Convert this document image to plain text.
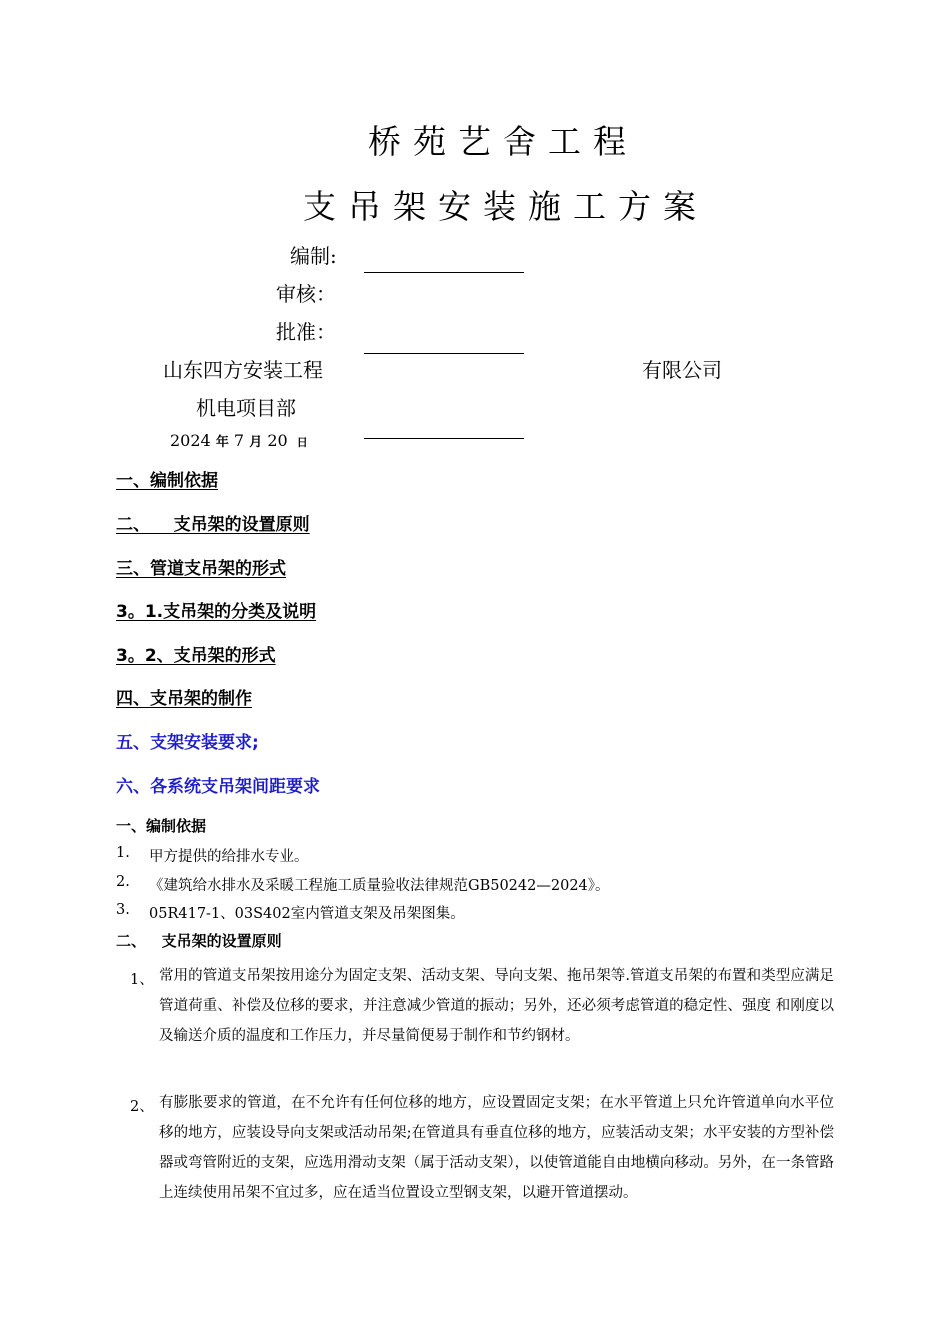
桥苑艺舍工程
支吊架安装施工方案
编制:
审核：
批准：
山东四方安装工程	有限公司
机电项目部
2024 年 7 月 20 日
一、编制依据
二、    支吊架的设置原则
三、管道支吊架的形式
3。1.支吊架的分类及说明
3。2、支吊架的形式
四、支吊架的制作
五、支架安装要求;
六、各系统支吊架间距要求
一、编制依据
1. 甲方提供的给排水专业。
2. 《建筑给水排水及采暖工程施工质量验收法律规范GB50242—2024》。
3. 05R417-1、03S402室内管道支架及吊架图集。
二、   支吊架的设置原则
1、 常用的管道支吊架按用途分为固定支架、活动支架、导向支架、拖吊架等.管道支吊架的布置和类型应满足管道荷重、补偿及位移的要求，并注意减少管道的振动；另外，还必须考虑管道的稳定性、强度 和刚度以及输送介质的温度和工作压力，并尽量简便易于制作和节约钢材。
2、 有膨胀要求的管道，在不允许有任何位移的地方，应设置固定支架；在水平管道上只允许管道单向水平位移的地方，应装设导向支架或活动吊架;在管道具有垂直位移的地方，应装活动支架；水平安装的方型补偿器或弯管附近的支架，应选用滑动支架（属于活动支架），以使管道能自由地横向移动。另外，在一条管路上连续使用吊架不宜过多，应在适当位置设立型钢支架，以避开管道摆动。
